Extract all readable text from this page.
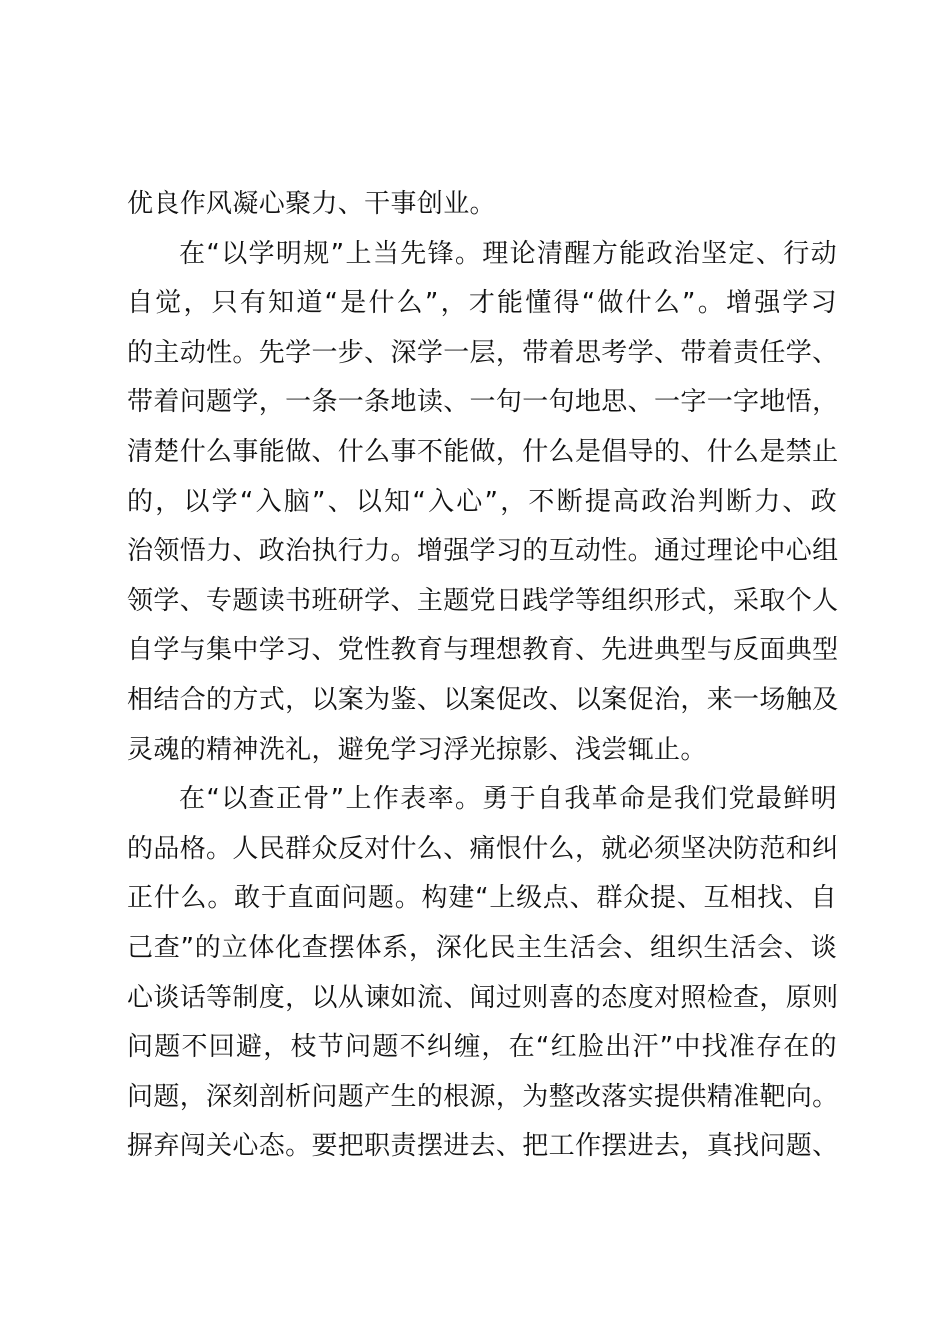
优良作风凝心聚力、干事创业。
在“以学明规”上当先锋。理论清醒方能政治坚定、行动
自觉，只有知道“是什么”，才能懂得“做什么”。增强学习
的主动性。先学一步、深学一层，带着思考学、带着责任学、
带着问题学，一条一条地读、一句一句地思、一字一字地悟，
清楚什么事能做、什么事不能做，什么是倡导的、什么是禁止
的，以学“入脑”、以知“入心”，不断提高政治判断力、政
治领悟力、政治执行力。增强学习的互动性。通过理论中心组
领学、专题读书班研学、主题党日践学等组织形式，采取个人
自学与集中学习、党性教育与理想教育、先进典型与反面典型
相结合的方式，以案为鉴、以案促改、以案促治，来一场触及
灵魂的精神洗礼，避免学习浮光掠影、浅尝辄止。
在“以查正骨”上作表率。勇于自我革命是我们党最鲜明
的品格。人民群众反对什么、痛恨什么，就必须坚决防范和纠
正什么。敢于直面问题。构建“上级点、群众提、互相找、自
己查”的立体化查摆体系，深化民主生活会、组织生活会、谈
心谈话等制度，以从谏如流、闻过则喜的态度对照检查，原则
问题不回避，枝节问题不纠缠，在“红脸出汗”中找准存在的
问题，深刻剖析问题产生的根源，为整改落实提供精准靶向。
摒弃闯关心态。要把职责摆进去、把工作摆进去，真找问题、
